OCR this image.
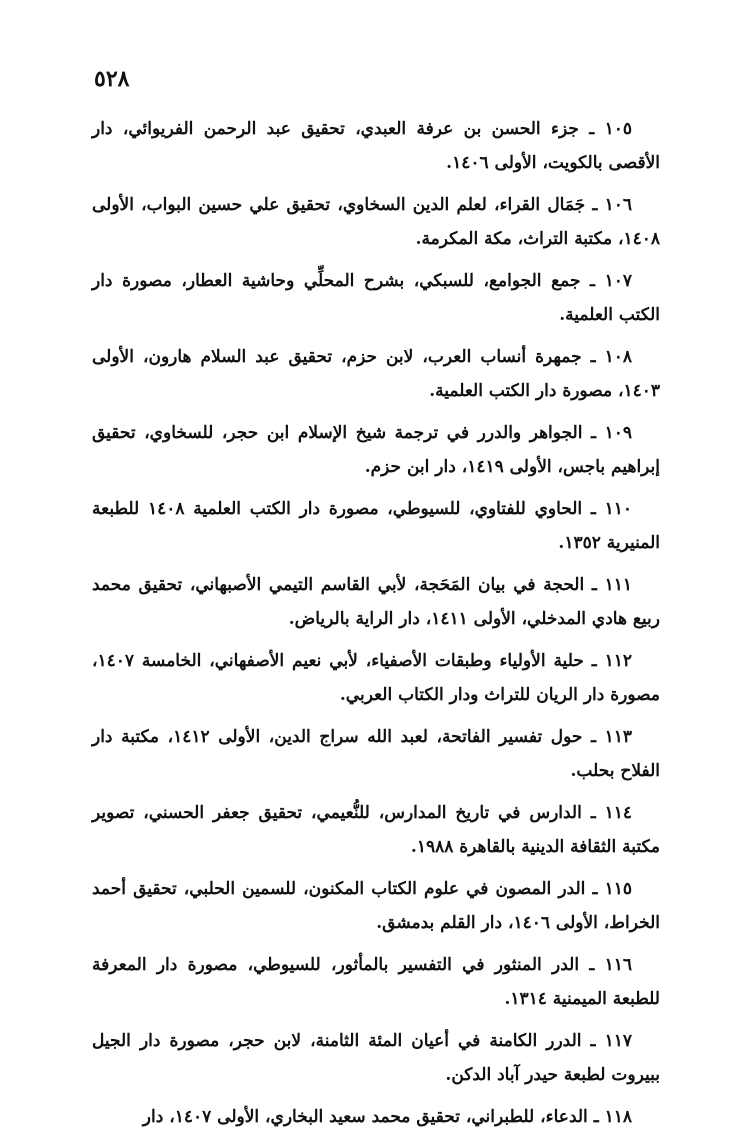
٥٢٨

١٠٥ ـ جزء الحسن بن عرفة العبدي، تحقيق عبد الرحمن الفريوائي، دار الأقصى بالكويت، الأولى ١٤٠٦.

١٠٦ ـ جَمَال القراء، لعلم الدين السخاوي، تحقيق علي حسين البواب، الأولى ١٤٠٨، مكتبة التراث، مكة المكرمة.

١٠٧ ـ جمع الجوامع، للسبكي، بشرح المحلِّي وحاشية العطار، مصورة دار الكتب العلمية.

١٠٨ ـ جمهرة أنساب العرب، لابن حزم، تحقيق عبد السلام هارون، الأولى ١٤٠٣، مصورة دار الكتب العلمية.

١٠٩ ـ الجواهر والدرر في ترجمة شيخ الإسلام ابن حجر، للسخاوي، تحقيق إبراهيم باجس، الأولى ١٤١٩، دار ابن حزم.

١١٠ ـ الحاوي للفتاوي، للسيوطي، مصورة دار الكتب العلمية ١٤٠٨ للطبعة المنيرية ١٣٥٢.

١١١ ـ الحجة في بيان المَحَجة، لأبي القاسم التيمي الأصبهاني، تحقيق محمد ربيع هادي المدخلي، الأولى ١٤١١، دار الراية بالرياض.

١١٢ ـ حلية الأولياء وطبقات الأصفياء، لأبي نعيم الأصفهاني، الخامسة ١٤٠٧، مصورة دار الريان للتراث ودار الكتاب العربي.

١١٣ ـ حول تفسير الفاتحة، لعبد الله سراج الدين، الأولى ١٤١٢، مكتبة دار الفلاح بحلب.

١١٤ ـ الدارس في تاريخ المدارس، للنُّعيمي، تحقيق جعفر الحسني، تصوير مكتبة الثقافة الدينية بالقاهرة ١٩٨٨.

١١٥ ـ الدر المصون في علوم الكتاب المكنون، للسمين الحلبي، تحقيق أحمد الخراط، الأولى ١٤٠٦، دار القلم بدمشق.

١١٦ ـ الدر المنثور في التفسير بالمأثور، للسيوطي، مصورة دار المعرفة للطبعة الميمنية ١٣١٤.

١١٧ ـ الدرر الكامنة في أعيان المئة الثامنة، لابن حجر، مصورة دار الجيل ببيروت لطبعة حيدر آباد الدكن.

١١٨ ـ الدعاء، للطبراني، تحقيق محمد سعيد البخاري، الأولى ١٤٠٧، دار
